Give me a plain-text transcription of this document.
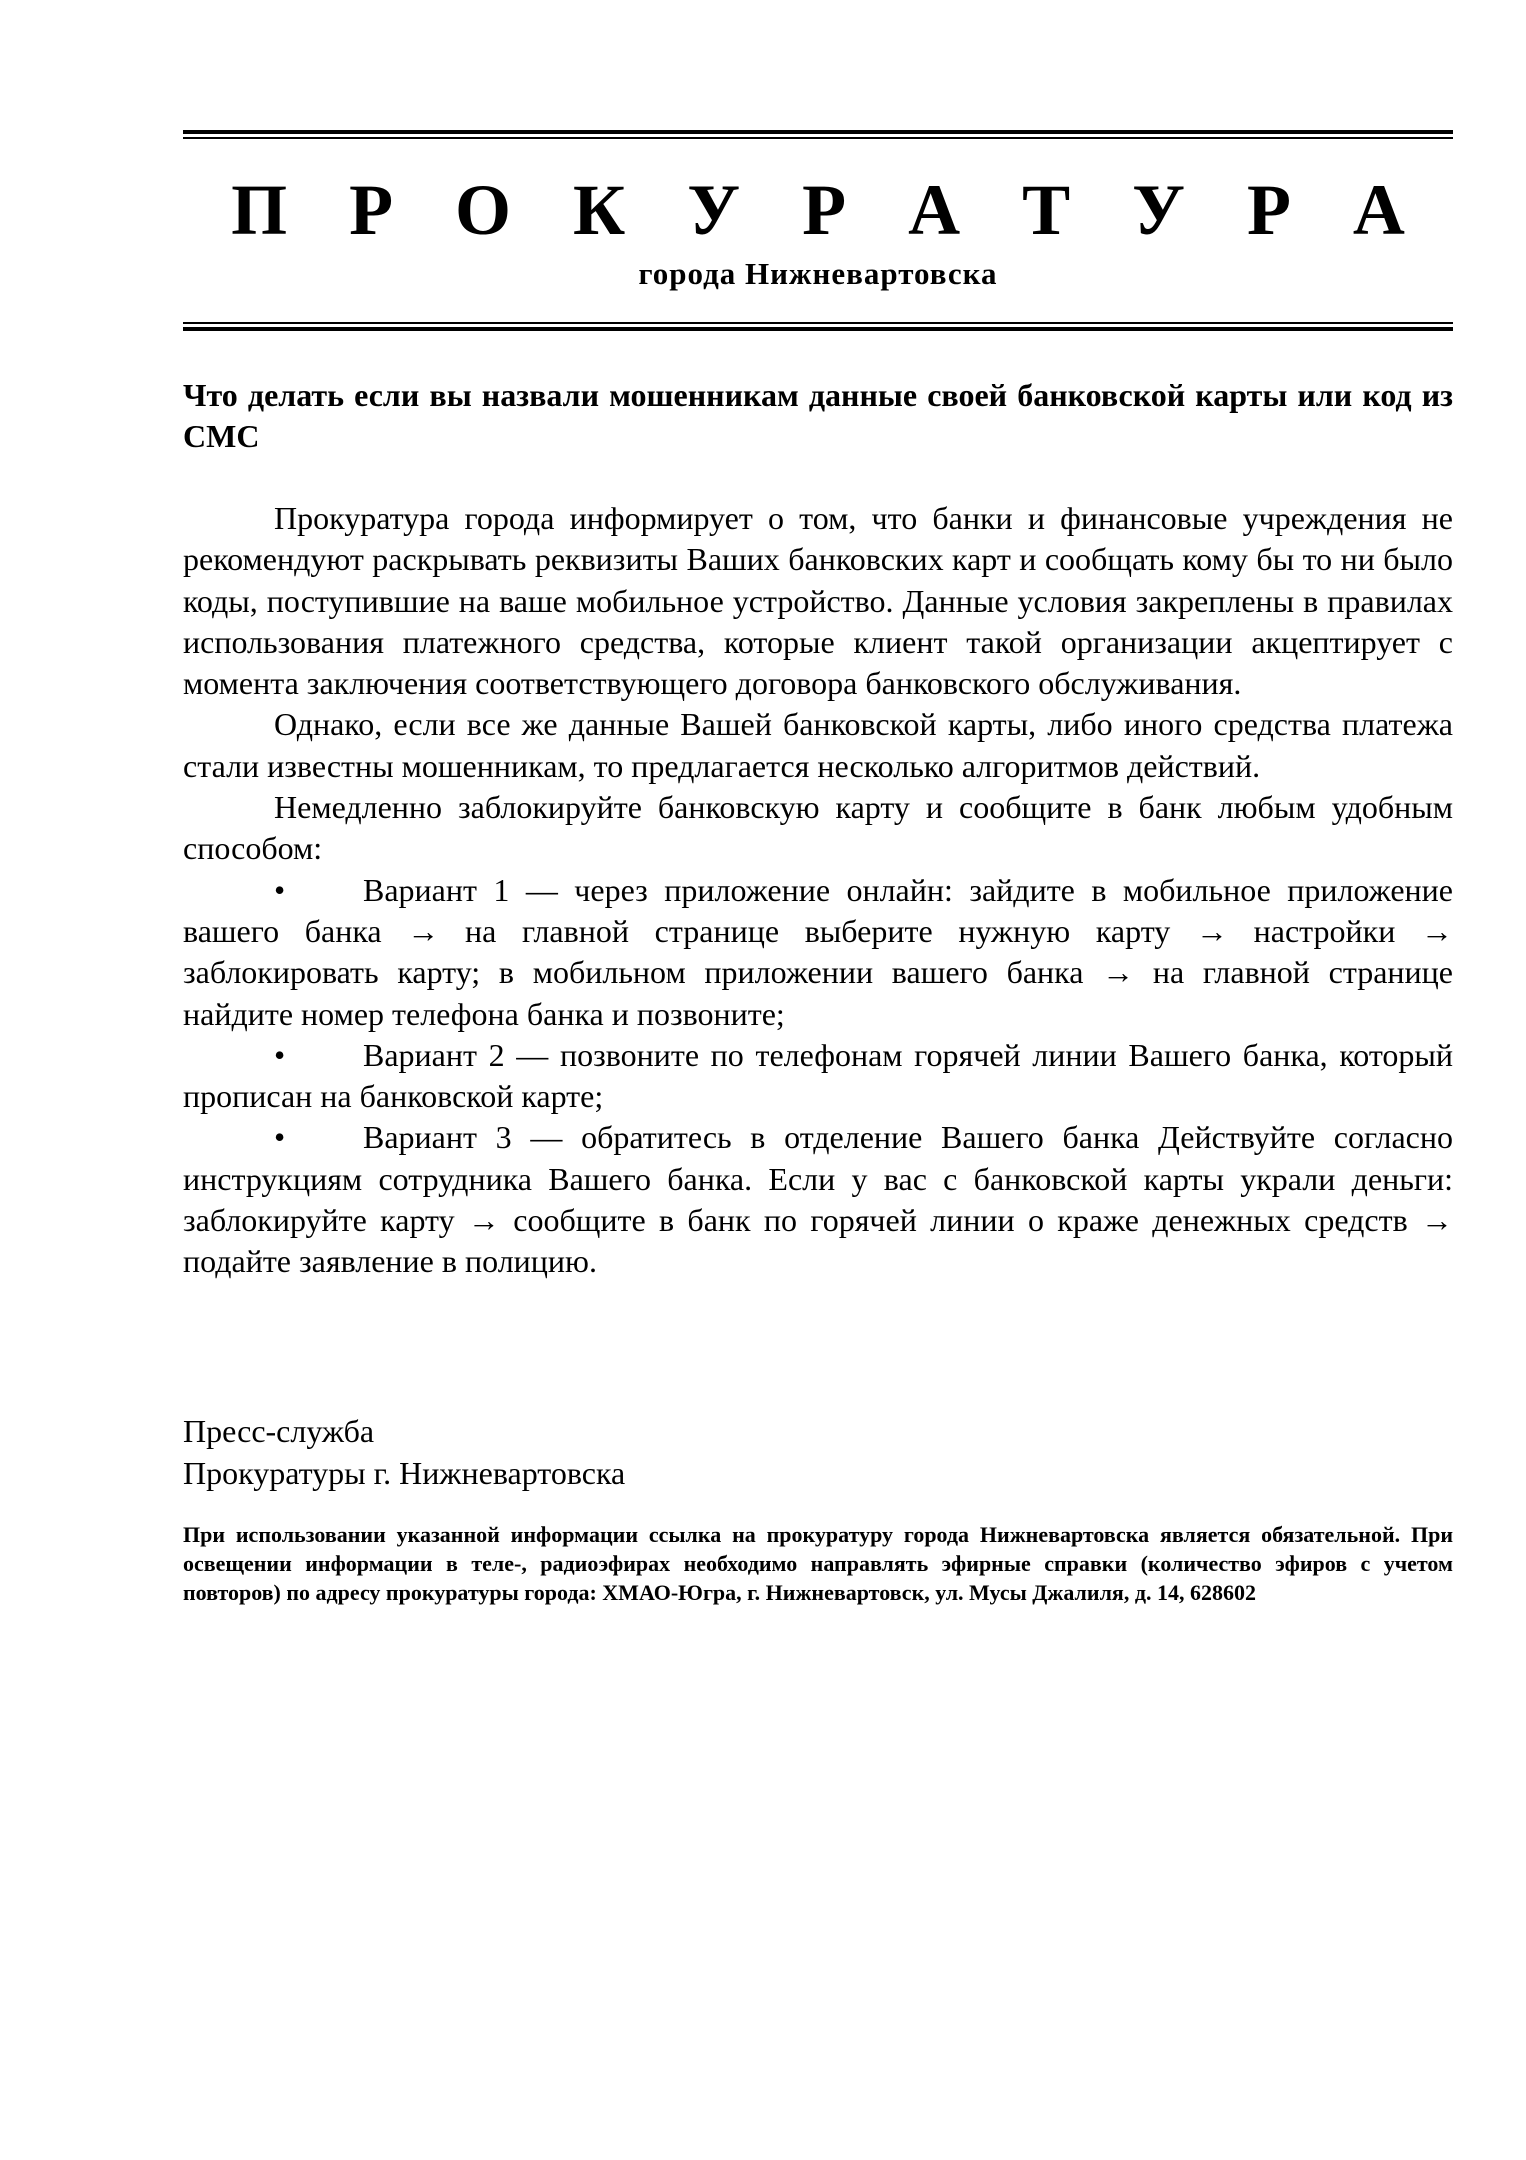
П Р О К У Р А Т У Р А
города Нижневартовска
Что делать если вы назвали мошенникам данные своей банковской карты или код из СМС

Прокуратура города информирует о том, что банки и финансовые учреждения не рекомендуют раскрывать реквизиты Ваших банковских карт и сообщать кому бы то ни было коды, поступившие на ваше мобильное устройство. Данные условия закреплены в правилах использования платежного средства, которые клиент такой организации акцептирует с момента заключения соответствующего договора банковского обслуживания.

Однако, если все же данные Вашей банковской карты, либо иного средства платежа стали известны мошенникам, то предлагается несколько алгоритмов действий.

Немедленно заблокируйте банковскую карту и сообщите в банк любым удобным способом:

• Вариант 1 — через приложение онлайн: зайдите в мобильное приложение вашего банка → на главной странице выберите нужную карту → настройки → заблокировать карту; в мобильном приложении вашего банка → на главной странице найдите номер телефона банка и позвоните;

• Вариант 2 — позвоните по телефонам горячей линии Вашего банка, который прописан на банковской карте;

• Вариант 3 — обратитесь в отделение Вашего банка Действуйте согласно инструкциям сотрудника Вашего банка. Если у вас с банковской карты украли деньги: заблокируйте карту → сообщите в банк по горячей линии о краже денежных средств → подайте заявление в полицию.

Пресс-служба
Прокуратуры г. Нижневартовска
При использовании указанной информации ссылка на прокуратуру города Нижневартовска является обязательной. При освещении информации в теле-, радиоэфирах необходимо направлять эфирные справки (количество эфиров с учетом повторов) по адресу прокуратуры города: ХМАО-Югра, г. Нижневартовск, ул. Мусы Джалиля, д. 14, 628602
